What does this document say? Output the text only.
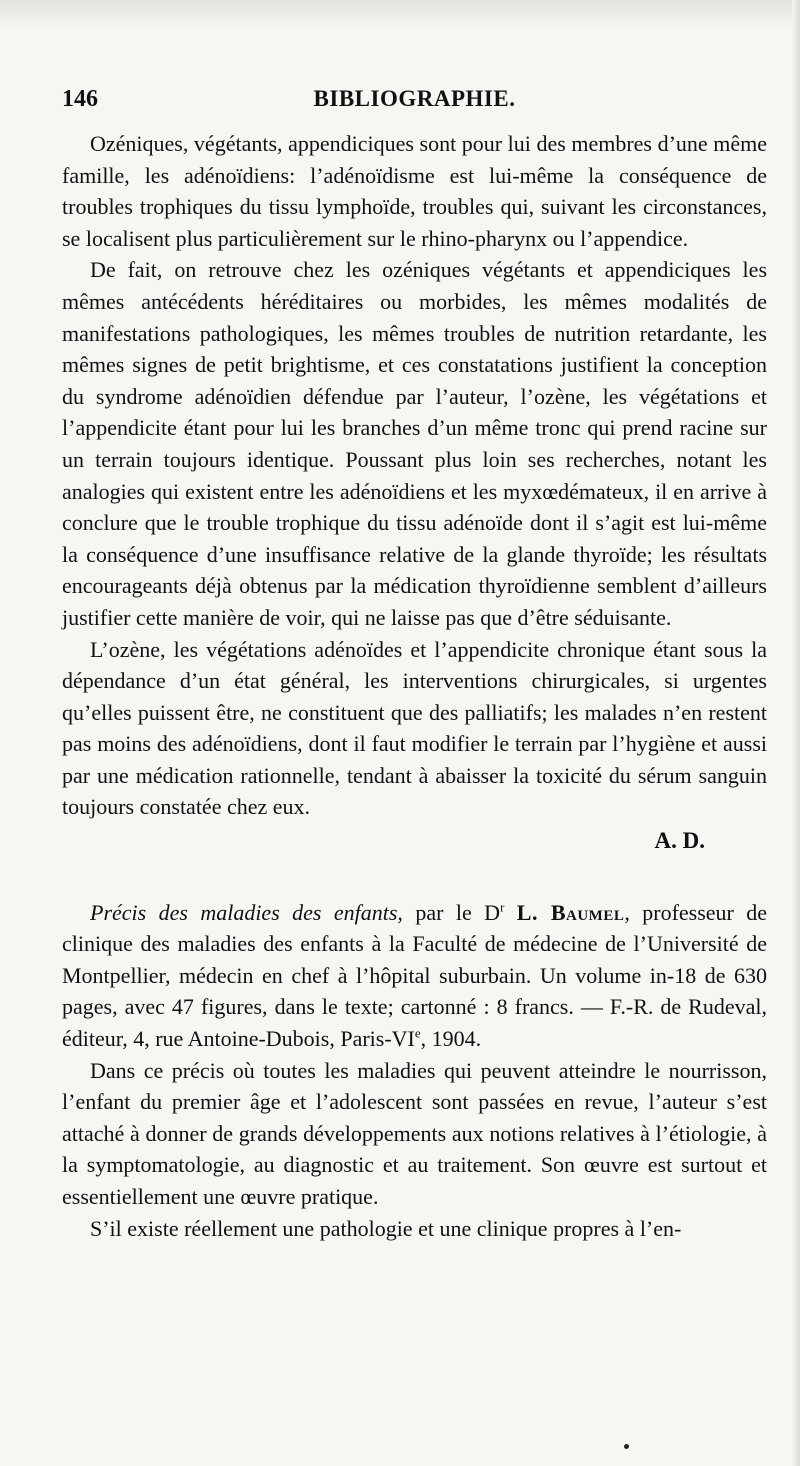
146	BIBLIOGRAPHIE.

Ozéniques, végétants, appendiciques sont pour lui des membres d’une même famille, les adénoïdiens: l’adénoïdisme est lui-même la conséquence de troubles trophiques du tissu lymphoïde, troubles qui, suivant les circonstances, se localisent plus particulièrement sur le rhino-pharynx ou l’appendice.

De fait, on retrouve chez les ozéniques végétants et appendiciques les mêmes antécédents héréditaires ou morbides, les mêmes modalités de manifestations pathologiques, les mêmes troubles de nutrition retardante, les mêmes signes de petit brightisme, et ces constatations justifient la conception du syndrome adénoïdien défendue par l’auteur, l’ozène, les végétations et l’appendicite étant pour lui les branches d’un même tronc qui prend racine sur un terrain toujours identique. Poussant plus loin ses recherches, notant les analogies qui existent entre les adénoïdiens et les myxœdémateux, il en arrive à conclure que le trouble trophique du tissu adénoïde dont il s’agit est lui-même la conséquence d’une insuffisance relative de la glande thyroïde; les résultats encourageants déjà obtenus par la médication thyroïdienne semblent d’ailleurs justifier cette manière de voir, qui ne laisse pas que d’être séduisante.

L’ozène, les végétations adénoïdes et l’appendicite chronique étant sous la dépendance d’un état général, les interventions chirurgicales, si urgentes qu’elles puissent être, ne constituent que des palliatifs; les malades n’en restent pas moins des adénoïdiens, dont il faut modifier le terrain par l’hygiène et aussi par une médication rationnelle, tendant à abaisser la toxicité du sérum sanguin toujours constatée chez eux.

A. D.

Précis des maladies des enfants, par le $D^r$ L. Baumel, professeur de clinique des maladies des enfants à la Faculté de médecine de l’Université de Montpellier, médecin en chef à l’hôpital suburbain. Un volume in-18 de 630 pages, avec 47 figures, dans le texte; cartonné : 8 francs. — F.-R. de Rudeval, éditeur, 4, rue Antoine-Dubois, Paris-VIe, 1904.

Dans ce précis où toutes les maladies qui peuvent atteindre le nourrisson, l’enfant du premier âge et l’adolescent sont passées en revue, l’auteur s’est attaché à donner de grands développements aux notions relatives à l’étiologie, à la symptomatologie, au diagnostic et au traitement. Son œuvre est surtout et essentiellement une œuvre pratique.

S’il existe réellement une pathologie et une clinique propres à l’en-
